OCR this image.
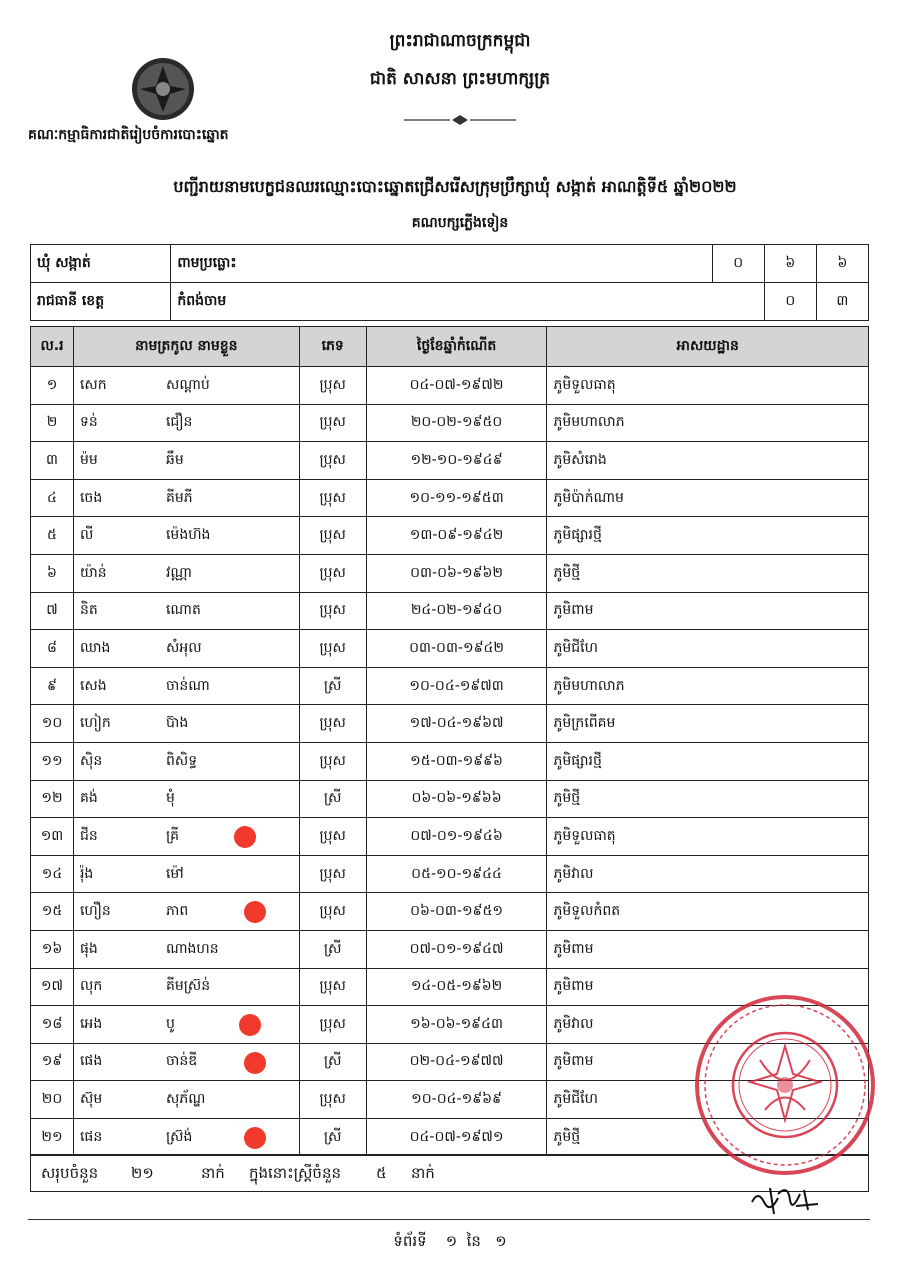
ព្រះរាជាណាចក្រកម្ពុជា
ជាតិ សាសនា ព្រះមហាក្សត្រ
គណៈកម្មាធិការជាតិរៀបចំការបោះឆ្នោត
បញ្ជីរាយនាមបេក្ខជនឈរឈ្មោះបោះឆ្នោតជ្រើសរើសក្រុមប្រឹក្សាឃុំ សង្កាត់ អាណត្តិទី៥ ឆ្នាំ២០២២
គណបក្សភ្លើងទៀន
ឃុំ សង្កាត់	ពាមប្រធ្លោះ	០	៦	៦
រាជធានី ខេត្ត	កំពង់ចាម		០	៣
ល.រ	នាមត្រកូល នាមខ្លួន	ភេទ	ថ្ងៃខែឆ្នាំកំណើត	អាសយដ្ឋាន
១	សេក សណ្តាប់	ប្រុស	០៤-០៧-១៩៧២	ភូមិទួលធាតុ
២	ទន់ ជឿន	ប្រុស	២០-០២-១៩៥០	ភូមិមហាលាភ
៣	ម៉ម ឆឹម	ប្រុស	១២-១០-១៩៤៩	ភូមិសំរោង
៤	ចេង គីមភី	ប្រុស	១០-១១-១៩៥៣	ភូមិប៉ាក់ណាម
៥	លី ម៉េងហ៊ង	ប្រុស	១៣-០៩-១៩៤២	ភូមិផ្សារថ្មី
៦	យ៉ាន់ វណ្ណា	ប្រុស	០៣-០៦-១៩៦២	ភូមិថ្មី
៧	និត ណោត	ប្រុស	២៤-០២-១៩៤០	ភូមិពាម
៨	ឈាង សំអុល	ប្រុស	០៣-០៣-១៩៤២	ភូមិជីហែ
៩	សេង ចាន់ណា	ស្រី	១០-០៤-១៩៧៣	ភូមិមហាលាភ
១០	ហៀក ប៊ាង	ប្រុស	១៧-០៤-១៩៦៧	ភូមិក្រពើគម
១១	ស៊ិន ពិសិទ្ធ	ប្រុស	១៥-០៣-១៩៩៦	ភូមិផ្សារថ្មី
១២	គង់ មុំ	ស្រី	០៦-០៦-១៩៦៦	ភូមិថ្មី
១៣	ជីន គ្រី	ប្រុស	០៧-០១-១៩៤៦	ភូមិទួលធាតុ
១៤	រ៉ុង ម៉ៅ	ប្រុស	០៥-១០-១៩៤៤	ភូមិវាល
១៥	ហឿន ភាព	ប្រុស	០៦-០៣-១៩៥១	ភូមិទួលកំពត
១៦	ផុង ណាងហន	ស្រី	០៧-០១-១៩៤៧	ភូមិពាម
១៧	លុក គីមស្រ៊ន់	ប្រុស	១៤-០៥-១៩៦២	ភូមិពាម
១៨	អេង បូ	ប្រុស	១៦-០៦-១៩៤៣	ភូមិវាល
១៩	ផេង ចាន់ឌី	ស្រី	០២-០៤-១៩៧៧	ភូមិពាម
២០	ស៊ុម សុភ័ណ្ឌ	ប្រុស	១០-០៤-១៩៦៩	ភូមិជីហែ
២១	ផេន ស្រ៊ង់	ស្រី	០៤-០៧-១៩៧១	ភូមិថ្មី
សរុបចំនួន ២១	នាក់ ក្នុងនោះស្ត្រីចំនួន ៥ នាក់
ទំព័រទី ១ នៃ ១
